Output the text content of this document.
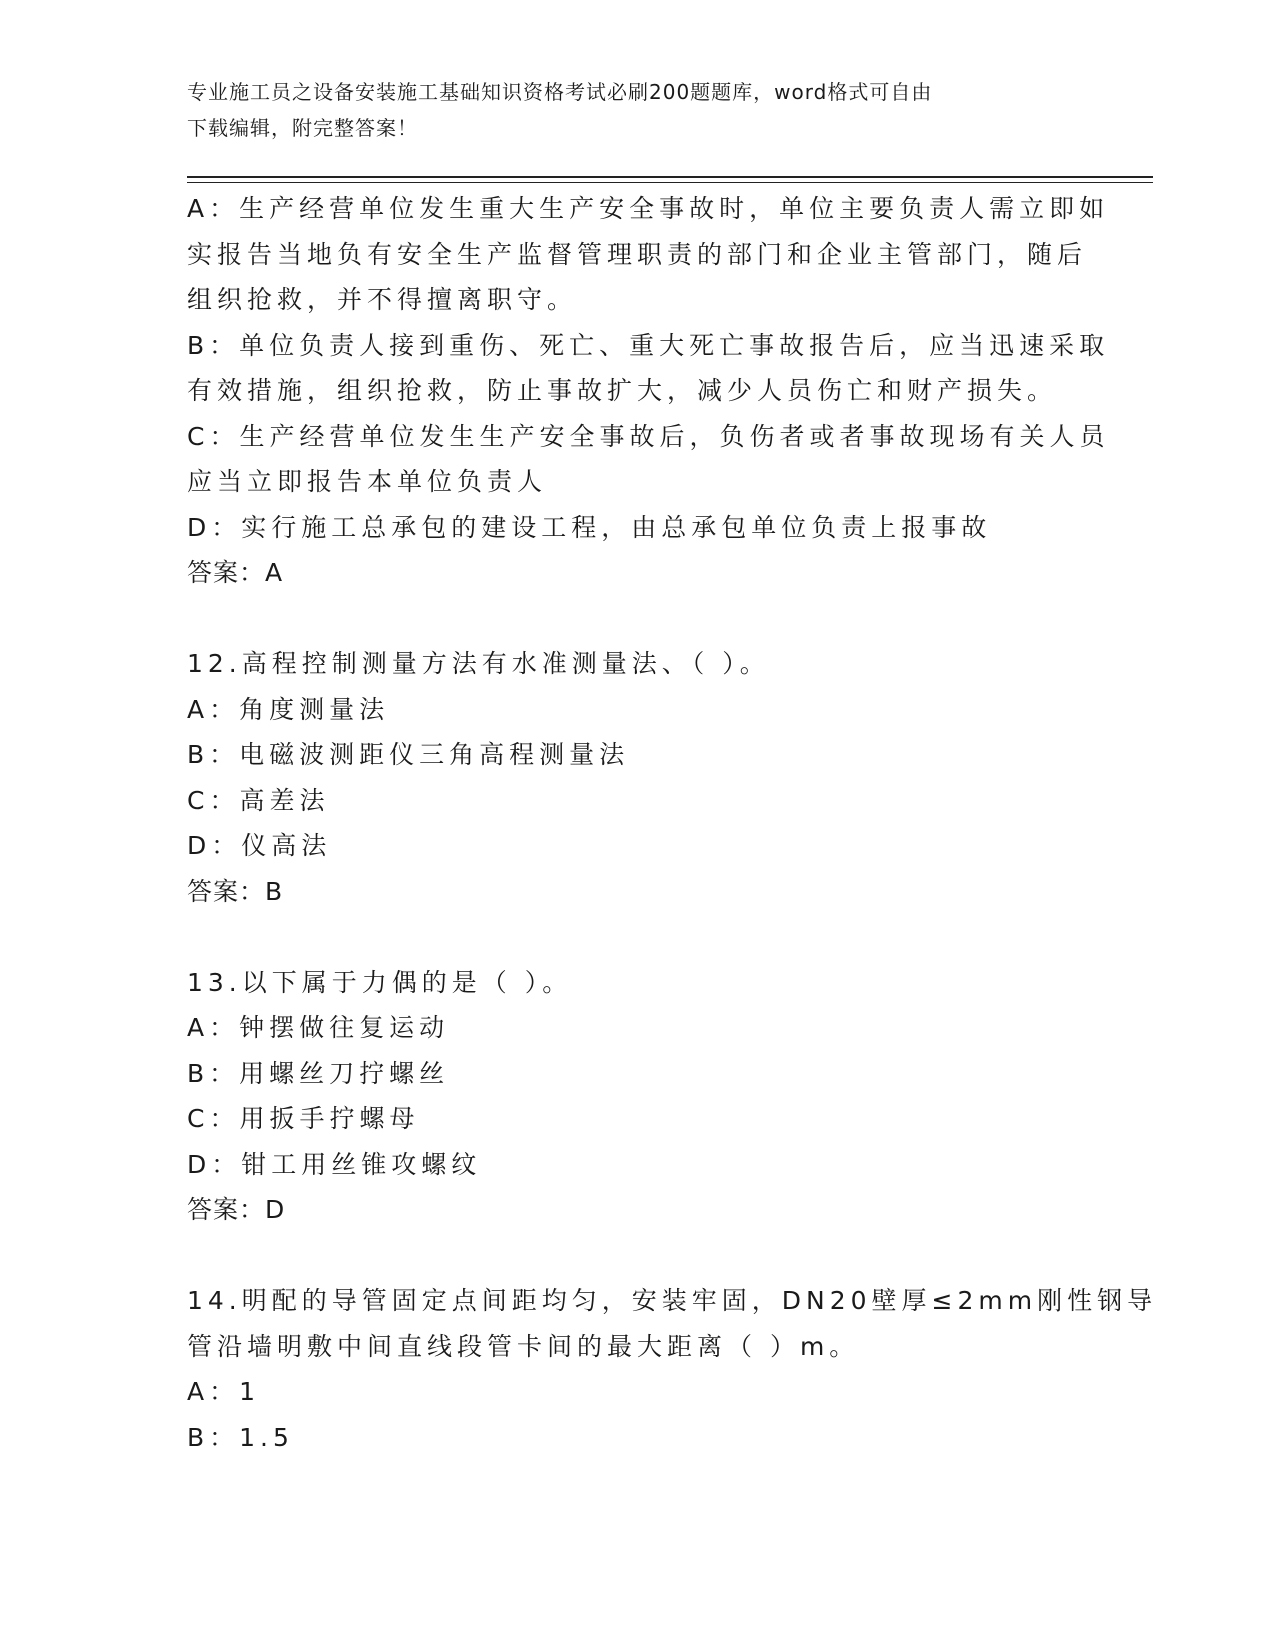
专业施工员之设备安装施工基础知识资格考试必刷200题题库，word格式可自由
下载编辑，附完整答案！
A：生产经营单位发生重大生产安全事故时，单位主要负责人需立即如
实报告当地负有安全生产监督管理职责的部门和企业主管部门，随后
组织抢救，并不得擅离职守。
B：单位负责人接到重伤、死亡、重大死亡事故报告后，应当迅速采取
有效措施，组织抢救，防止事故扩大，减少人员伤亡和财产损失。
C：生产经营单位发生生产安全事故后，负伤者或者事故现场有关人员
应当立即报告本单位负责人
D：实行施工总承包的建设工程，由总承包单位负责上报事故
答案：A
12.高程控制测量方法有水准测量法、（ ）。
A：角度测量法
B：电磁波测距仪三角高程测量法
C：高差法
D：仪高法
答案：B
13.以下属于力偶的是（ ）。
A：钟摆做往复运动
B：用螺丝刀拧螺丝
C：用扳手拧螺母
D：钳工用丝锥攻螺纹
答案：D
14.明配的导管固定点间距均匀，安装牢固，DN20壁厚≤2mm刚性钢导
管沿墙明敷中间直线段管卡间的最大距离（ ）m。
A：1
B：1.5
